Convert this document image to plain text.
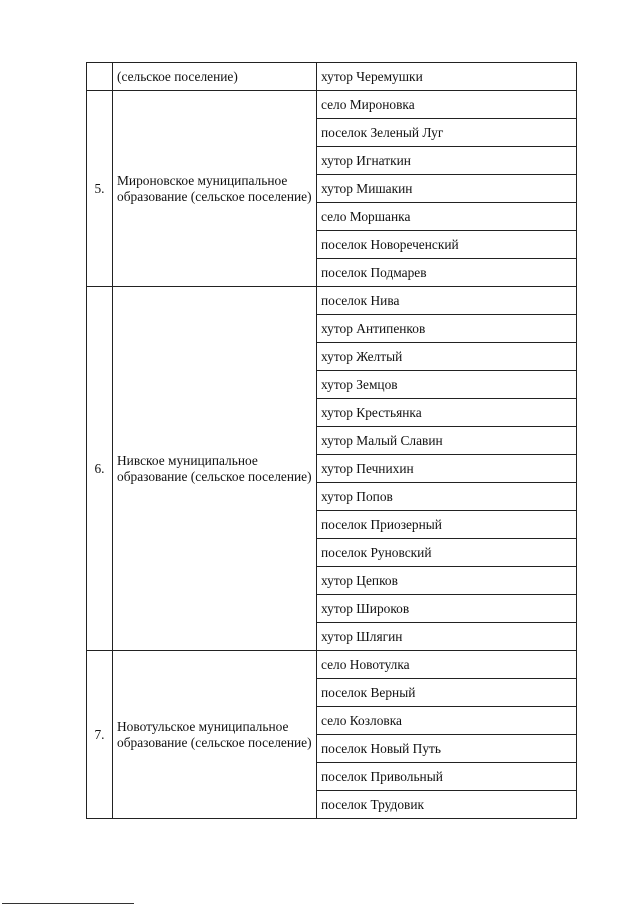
	(сельское поселение)	хутор Черемушки
5.	Мироновское муниципальное образование (сельское поселение)	село Мироновка
		поселок Зеленый Луг
		хутор Игнаткин
		хутор Мишакин
		село Моршанка
		поселок Новореченский
		поселок Подмарев
6.	Нивское муниципальное образование (сельское поселение)	поселок Нива
		хутор Антипенков
		хутор Желтый
		хутор Земцов
		хутор Крестьянка
		хутор Малый Славин
		хутор Печнихин
		хутор Попов
		поселок Приозерный
		поселок Руновский
		хутор Цепков
		хутор Широков
		хутор Шлягин
7.	Новотульское муниципальное образование (сельское поселение)	село Новотулка
		поселок Верный
		село Козловка
		поселок Новый Путь
		поселок Привольный
		поселок Трудовик
